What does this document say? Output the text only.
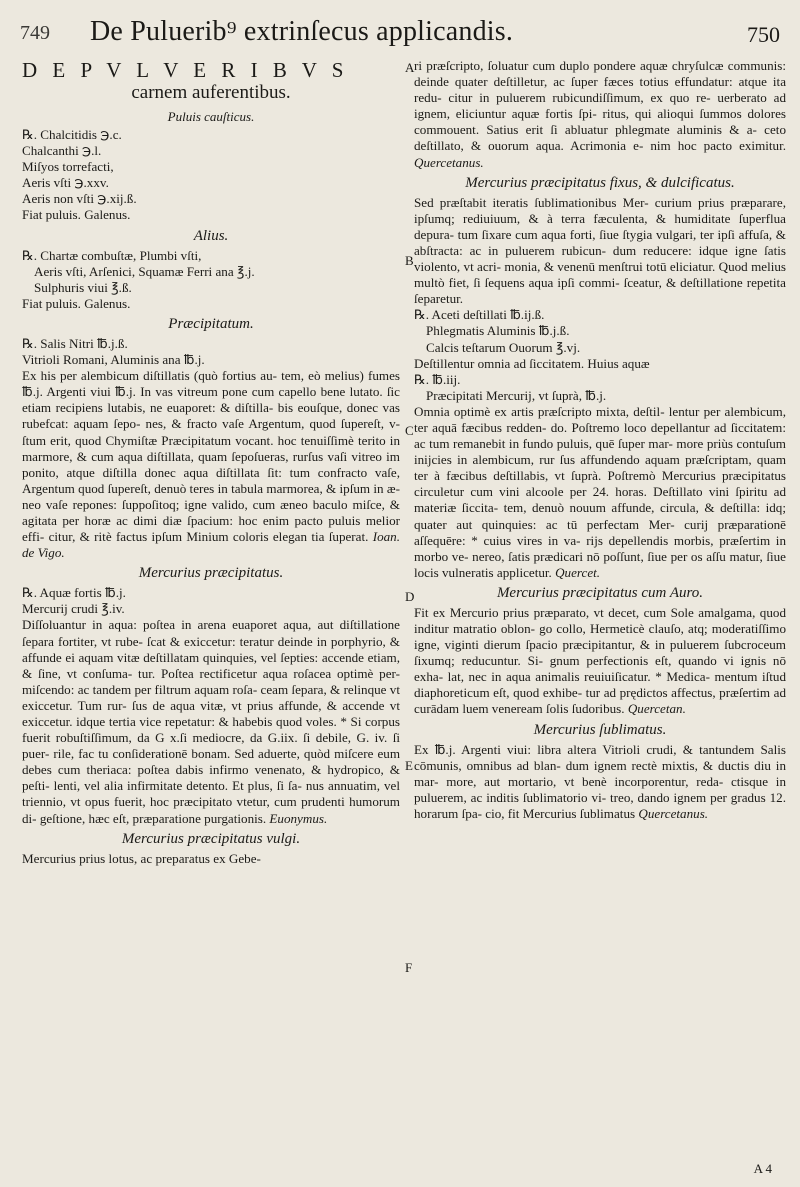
749 De Puluerib⁹ extrinſecus applicandis.	750
D E P V L V E R I B V S
carnem auferentibus.
Puluis cauſticus.
℞. Chalcitidis ℈.c.
Chalcanthi ℈.l.
Miſyos torrefacti,
Aeris vſti ℈.xxv.
Aeris non vſti ℈.xij.ß.
Fiat puluis. Galenus.
Alius.
℞. Chartæ combuſtæ, Plumbi vſti,
Aeris vſti, Arſenici, Squamæ Ferri ana ℥.j.
Sulphuris viui ℥.ß.
Fiat puluis. Galenus.
Præcipitatum.
℞. Salis Nitri ℔.j.ß.
Vitrioli Romani, Aluminis ana ℔.j.

Ex his per alembicum diſtillatis (quò fortius au- tem, eò melius) fumes ℔.j. Argenti viui ℔.j. In vas vitreum pone cum capello bene lutato. ſic etiam recipiens lutabis, ne euaporet: & diſtilla- bis eouſque, donec vas rubefcat: aquam ſepo- nes, & fracto vaſe Argentum, quod ſupereſt, v- ſtum erit, quod Chymiſtæ Præcipitatum vocant. hoc tenuiſſimè terito in marmore, & cum aqua diſtillata, quam ſepoſueras, rurſus vaſi vitreo im ponito, atque diſtilla donec aqua diſtillata ſit: tum confracto vaſe, Argentum quod ſupereſt, denuò teres in tabula marmorea, & ipſum in æ- neo vaſe repones: ſuppoſitoq; igne valido, cum æneo baculo miſce, & agitata per horæ ac dimi diæ ſpacium: hoc enim pacto puluis melior effi- citur, & ritè factus ipſum Minium coloris elegan tia ſuperat. Ioan. de Vigo.

Mercurius præcipitatus.
℞. Aquæ fortis ℔.j.
Mercurij crudi ℥.iv.

Diſſoluantur in aqua: poſtea in arena euaporet aqua, aut diſtillatione ſepara fortiter, vt rube- ſcat & exiccetur: teratur deinde in porphyrio, & affunde ei aquam vitæ deſtillatam quinquies, vel ſepties: accende etiam, & ſine, vt conſuma- tur. Poſtea rectificetur aqua roſacea optimè per- miſcendo: ac tandem per filtrum aquam roſa- ceam ſepara, & relinque vt exiccetur. Tum rur- ſus de aqua vitæ, vt prius affunde, & accende vt exiccetur. idque tertia vice repetatur: & habebis quod voles. * Si corpus fuerit robuſtiſſimum, da G x.ſi mediocre, da G.iix. ſi debile, G. iv. ſi puer- rile, fac tu conſiderationē bonam. Sed aduerte, quòd miſcere eum debes cum theriaca: poſtea dabis infirmo venenato, & hydropico, & peſti- lenti, vel alia infirmitate detento. Et plus, ſi ſa- nus annuatim, vel triennio, vt opus fuerit, hoc præcipitato vtetur, cum prudenti humorum di- geſtione, hæc eſt, præparatione purgationis. Euonymus.

Mercurius præcipitatus vulgi.

Mercurius prius lotus, ac preparatus ex Gebe-

A
B
C
D
E
F

ri præſcripto, ſoluatur cum duplo pondere aquæ chryſulcæ communis: deinde quater deſtilletur, ac ſuper fæces totius effundatur: atque ita redu- citur in puluerem rubicundiſſimum, ex quo re- uerberato ad ignem, eliciuntur aquæ fortis ſpi- ritus, qui alioqui ſummos dolores commouent. Satius erit ſi abluatur phlegmate aluminis & a- ceto deſtillato, & ouorum aqua. Acrimonia e- nim hoc pacto eximitur. Quercetanus.

Mercurius præcipitatus fixus, & dulcificatus.

Sed præſtabit iteratis ſublimationibus Mer- curium prius præparare, ipſumq; rediuiuum, & à terra fæculenta, & humiditate ſuperflua depura- tum ſixare cum aqua forti, ſiue ſtygia vulgari, ter ipſi affuſa, & abſtracta: ac in puluerem rubicun- dum reducere: idque igne ſatis violento, vt acri- monia, & venenū menſtrui totū eliciatur. Quod melius multò fiet, ſi ſequens aqua ipſi commi- ſceatur, & deſtillatione repetita ſeparetur.

℞. Aceti deſtillati ℔.ij.ß.
Phlegmatis Aluminis ℔.j.ß.
Calcis teſtarum Ouorum ℥.vj.

Deſtillentur omnia ad ſiccitatem. Huius aquæ

℞. ℔.iij.
Præcipitati Mercurij, vt ſuprà, ℔.j.

Omnia optimè ex artis præſcripto mixta, deſtil- lentur per alembicum, ter aquā fæcibus redden- do. Poſtremo loco depellantur ad ſiccitatem: ac tum remanebit in fundo puluis, quē ſuper mar- more priùs contuſum inijcies in alembicum, rur ſus affundendo aquam præſcriptam, quam ter à fæcibus deſtillabis, vt ſuprà. Poſtremò Mercurius præcipitatus circuletur cum vini alcoole per 24. horas. Deſtillato vini ſpiritu ad materiæ ſiccita- tem, denuò nouum affunde, circula, & deſtilla: idq; quater aut quinquies: ac tū perfectam Mer- curij præparationē aſſequēre: * cuius vires in va- rijs depellendis morbis, præſertim in morbo ve- nereo, ſatis prædicari nō poſſunt, ſiue per os aſſu matur, ſiue locis vulneratis applicetur. Quercet.

Mercurius præcipitatus cum Auro.

Fit ex Mercurio prius præparato, vt decet, cum Sole amalgama, quod inditur matratio oblon- go collo, Hermeticè clauſo, atq; moderatiſſimo igne, viginti dierum ſpacio præcipitantur, & in puluerem ſubcroceum ſixumq; reducuntur. Si- gnum perfectionis eſt, quando vi ignis nō exha- lat, nec in aqua animalis reuiuiſicatur. * Medica- mentum iſtud diaphoreticum eſt, quod exhibe- tur ad prędictos affectus, præſertim ad curādam luem veneream ſolis ſudoribus. Quercetan.

Mercurius ſublimatus.

Ex ℔.j. Argenti viui: libra altera Vitrioli crudi, & tantundem Salis cōmunis, omnibus ad blan- dum ignem rectè mixtis, & ductis diu in mar- more, aut mortario, vt benè incorporentur, reda- ctisque in puluerem, ac inditis ſublimatorio vi- treo, dando ignem per gradus 12. horarum ſpa- cio, fit Mercurius ſublimatus Quercetanus.

A 4
